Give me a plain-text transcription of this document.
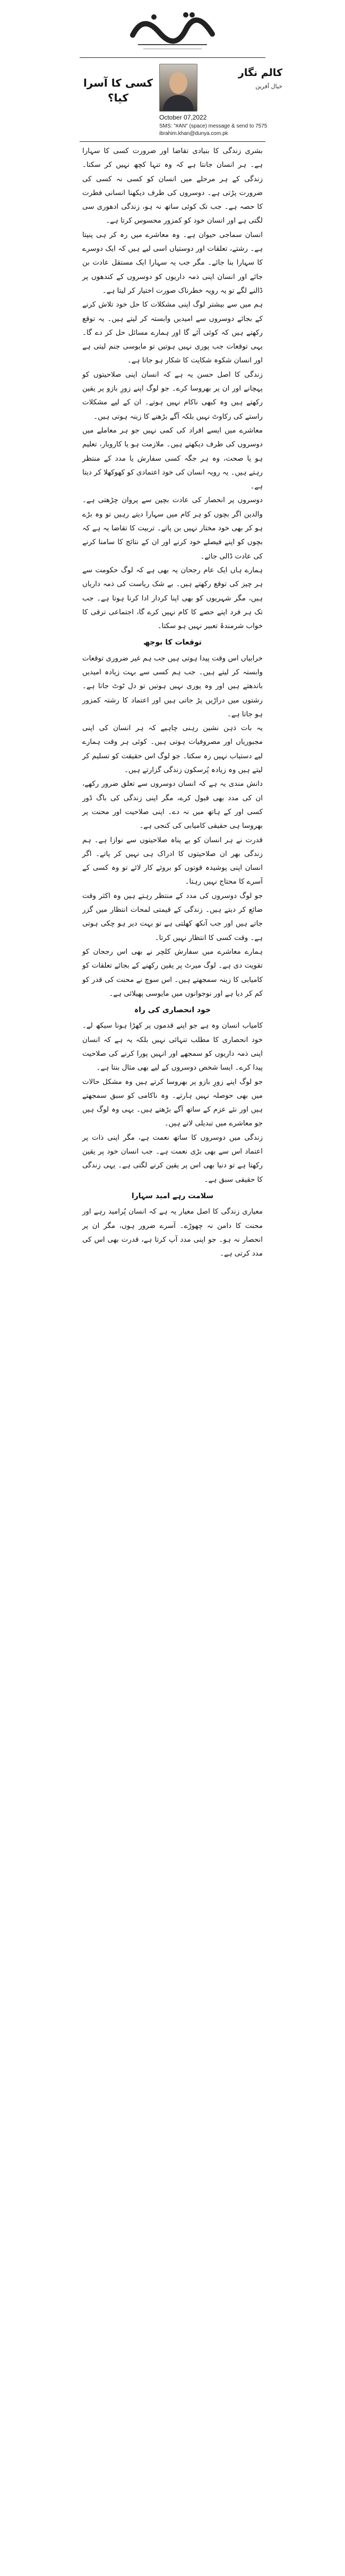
کالم نگار
خیال آفرین
کسی کا آسرا کیا؟
October 07,2022
SMS: "#AN" (space) message & send to 7575
ibrahim.khan@dunya.com.pk

بشری زندگی کا بنیادی تقاضا اور ضرورت کسی کا سہارا ہے۔ ہر انسان جانتا ہے کہ وہ تنہا کچھ نہیں کر سکتا۔ زندگی کے ہر مرحلے میں انسان کو کسی نہ کسی کی ضرورت پڑتی ہے۔ دوسروں کی طرف دیکھنا انسانی فطرت کا حصہ ہے۔ جب تک کوئی ساتھ نہ ہو، زندگی ادھوری سی لگتی ہے اور انسان خود کو کمزور محسوس کرتا ہے۔

انسان سماجی حیوان ہے۔ وہ معاشرے میں رہ کر ہی پنپتا ہے۔ رشتے، تعلقات اور دوستیاں اسی لیے ہیں کہ ایک دوسرے کا سہارا بنا جائے۔ مگر جب یہ سہارا ایک مستقل عادت بن جائے اور انسان اپنی ذمہ داریوں کو دوسروں کے کندھوں پر ڈالنے لگے تو یہ رویہ خطرناک صورت اختیار کر لیتا ہے۔

ہم میں سے بیشتر لوگ اپنی مشکلات کا حل خود تلاش کرنے کے بجائے دوسروں سے امیدیں وابستہ کر لیتے ہیں۔ یہ توقع رکھتے ہیں کہ کوئی آئے گا اور ہمارے مسائل حل کر دے گا۔ یہی توقعات جب پوری نہیں ہوتیں تو مایوسی جنم لیتی ہے اور انسان شکوہ شکایت کا شکار ہو جاتا ہے۔

زندگی کا اصل حسن یہ ہے کہ انسان اپنی صلاحیتوں کو پہچانے اور ان پر بھروسا کرے۔ جو لوگ اپنے زورِ بازو پر یقین رکھتے ہیں وہ کبھی ناکام نہیں ہوتے۔ ان کے لیے مشکلات راستے کی رکاوٹ نہیں بلکہ آگے بڑھنے کا زینہ ہوتی ہیں۔

معاشرے میں ایسے افراد کی کمی نہیں جو ہر معاملے میں دوسروں کی طرف دیکھتے ہیں۔ ملازمت ہو یا کاروبار، تعلیم ہو یا صحت، وہ ہر جگہ کسی سفارش یا مدد کے منتظر رہتے ہیں۔ یہ رویہ انسان کی خود اعتمادی کو کھوکھلا کر دیتا ہے۔

دوسروں پر انحصار کی عادت بچپن سے پروان چڑھتی ہے۔ والدین اگر بچوں کو ہر کام میں سہارا دیتے رہیں تو وہ بڑے ہو کر بھی خود مختار نہیں بن پاتے۔ تربیت کا تقاضا یہ ہے کہ بچوں کو اپنے فیصلے خود کرنے اور ان کے نتائج کا سامنا کرنے کی عادت ڈالی جائے۔

ہمارے ہاں ایک عام رجحان یہ بھی ہے کہ لوگ حکومت سے ہر چیز کی توقع رکھتے ہیں۔ بے شک ریاست کی ذمہ داریاں ہیں، مگر شہریوں کو بھی اپنا کردار ادا کرنا ہوتا ہے۔ جب تک ہر فرد اپنے حصے کا کام نہیں کرے گا، اجتماعی ترقی کا خواب شرمندۂ تعبیر نہیں ہو سکتا۔

توقعات کا بوجھ

خرابیاں اس وقت پیدا ہوتی ہیں جب ہم غیر ضروری توقعات وابستہ کر لیتے ہیں۔ جب ہم کسی سے بہت زیادہ امیدیں باندھتے ہیں اور وہ پوری نہیں ہوتیں تو دل ٹوٹ جاتا ہے۔ رشتوں میں دراڑیں پڑ جاتی ہیں اور اعتماد کا رشتہ کمزور ہو جاتا ہے۔

یہ بات ذہن نشین رہنی چاہیے کہ ہر انسان کی اپنی مجبوریاں اور مصروفیات ہوتی ہیں۔ کوئی ہر وقت ہمارے لیے دستیاب نہیں رہ سکتا۔ جو لوگ اس حقیقت کو تسلیم کر لیتے ہیں وہ زیادہ پُرسکون زندگی گزارتے ہیں۔

دانش مندی یہ ہے کہ انسان دوسروں سے تعلق ضرور رکھے، ان کی مدد بھی قبول کرے، مگر اپنی زندگی کی باگ ڈور کسی اور کے ہاتھ میں نہ دے۔ اپنی صلاحیت اور محنت پر بھروسا ہی حقیقی کامیابی کی کنجی ہے۔

قدرت نے ہر انسان کو بے پناہ صلاحیتوں سے نوازا ہے۔ ہم زندگی بھر ان صلاحیتوں کا ادراک ہی نہیں کر پاتے۔ اگر انسان اپنی پوشیدہ قوتوں کو بروئے کار لائے تو وہ کسی کے آسرے کا محتاج نہیں رہتا۔

جو لوگ دوسروں کی مدد کے منتظر رہتے ہیں وہ اکثر وقت ضائع کر دیتے ہیں۔ زندگی کے قیمتی لمحات انتظار میں گزر جاتے ہیں اور جب آنکھ کھلتی ہے تو بہت دیر ہو چکی ہوتی ہے۔ وقت کسی کا انتظار نہیں کرتا۔

ہمارے معاشرے میں سفارش کلچر نے بھی اس رجحان کو تقویت دی ہے۔ لوگ میرٹ پر یقین رکھنے کے بجائے تعلقات کو کامیابی کا زینہ سمجھتے ہیں۔ اس سوچ نے محنت کی قدر کو کم کر دیا ہے اور نوجوانوں میں مایوسی پھیلائی ہے۔

خود انحصاری کی راہ

کامیاب انسان وہ ہے جو اپنے قدموں پر کھڑا ہونا سیکھ لے۔ خود انحصاری کا مطلب تنہائی نہیں بلکہ یہ ہے کہ انسان اپنی ذمہ داریوں کو سمجھے اور انہیں پورا کرنے کی صلاحیت پیدا کرے۔ ایسا شخص دوسروں کے لیے بھی مثال بنتا ہے۔

جو لوگ اپنے زورِ بازو پر بھروسا کرتے ہیں وہ مشکل حالات میں بھی حوصلہ نہیں ہارتے۔ وہ ناکامی کو سبق سمجھتے ہیں اور نئے عزم کے ساتھ آگے بڑھتے ہیں۔ یہی وہ لوگ ہیں جو معاشرے میں تبدیلی لاتے ہیں۔

زندگی میں دوسروں کا ساتھ نعمت ہے، مگر اپنی ذات پر اعتماد اس سے بھی بڑی نعمت ہے۔ جب انسان خود پر یقین رکھتا ہے تو دنیا بھی اس پر یقین کرنے لگتی ہے۔ یہی زندگی کا حقیقی سبق ہے۔

سلامت رہے امید سہارا

معیاری زندگی کا اصل معیار یہ ہے کہ انسان پُرامید رہے اور محنت کا دامن نہ چھوڑے۔ آسرے ضرور ہوں، مگر ان پر انحصار نہ ہو۔ جو اپنی مدد آپ کرتا ہے، قدرت بھی اس کی مدد کرتی ہے۔
